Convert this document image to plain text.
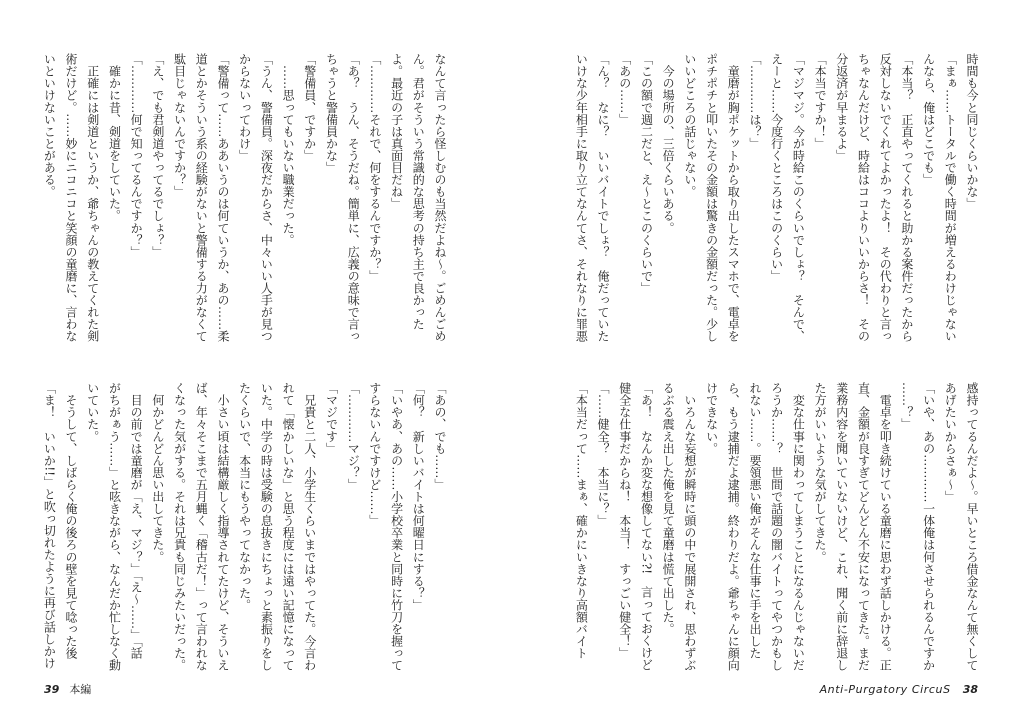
なんて言ったら怪しむのも当然だよね〜。ごめんごめ
ん。君がそういう常識的な思考の持ち主で良かった
よ。最近の子は真面目だね」
「…………それで、何をするんですか？」
「あ？　うん、そうだね。簡単に、広義の意味で言っ
ちゃうと警備員かな」
「警備員、ですか」
　……思ってもいない職業だった。
「うん、警備員。深夜だからさ、中々いい人手が見つ
からないってわけ」
「警備って……ああいうのは何ていうか、あの……柔
道とかそういう系の経験がないと警備する力がなくて
駄目じゃないんですか？」
「え、でも君剣道やってるでしょ？」
「…………何で知ってるんですか？」
　確かに昔、剣道をしていた。
　正確には剣道というか、爺ちゃんの教えてくれた剣
術だけど。……妙にニコニコと笑顔の童磨に、言わな
いといけないことがある。
「あの、でも……」
「何？　新しいバイトは何曜日にする？」
「いやあ、あの……小学校卒業と同時に竹刀を握って
すらないんですけど……」
「…………マジ？」
「マジです」
　兄貴と二人、小学生くらいまではやってた。今言わ
れて「懐かしいな」と思う程度には遠い記憶になって
いた。中学の時は受験の息抜きにちょっと素振りをし
たくらいで、本当にもうやってなかった。
　小さい頃は結構厳しく指導されてたけど、そういえ
ば、年々そこまで五月蝿く「稽古だ！」って言われな
くなった気がする。それは兄貴も同じみたいだった。
　何かどんどん思い出してきた。
　目の前では童磨が「え、マジ？」「え〜……」「話
がちがぁう……」と呟きながら、なんだか忙しなく動
いていた。
　そうして、しばらく俺の後ろの壁を見て唸った後
「ま！　いいか!!」と吹っ切れたように再び話しかけ
39 本編
時間も今と同じくらいかな」
「まぁ……トータルで働く時間が増えるわけじゃない
んなら、俺はどこでも」
「本当？　正直やってくれると助かる案件だったから
反対しないでくれてよかったよ！　その代わりと言っ
ちゃなんだけど、時給はココよりいいからさ！　その
分返済が早まるよ」
「本当ですか！」
「マジマジ。今が時給このくらいでしょ？　そんで、
えーと……今度行くところはこのくらい」
「…………は？」
　童磨が胸ポケットから取り出したスマホで、電卓を
ポチポチと叩いたその金額は驚きの金額だった。少し
いいどころの話じゃない。
　今の場所の、三倍くらいある。
「この額で週二だと、え〜とこのくらいで」
「あの……」
「ん？　なに？　いいバイトでしょ？　俺だっていた
いけな少年相手に取り立てなんてさ、それなりに罪悪
感持ってるんだよ〜。早いところ借金なんて無くして
あげたいからさぁ〜」
「いや、あの…………一体俺は何させられるんですか
……？」
　電卓を叩き続けている童磨に思わず話しかける。正
直、金額が良すぎてどんどん不安になってきた。まだ
業務内容を聞いていないけど、これ、聞く前に辞退し
た方がいいような気がしてきた。
　変な仕事に関わってしまうことになるんじゃないだ
ろうか……？　世間で話題の闇バイトってやつかもし
れない……。要領悪い俺がそんな仕事に手を出した
ら、もう逮捕だよ逮捕。終わりだよ。爺ちゃんに顔向
けできない。
　いろんな妄想が瞬時に頭の中で展開され、思わずぶ
るぶる震え出した俺を見て童磨は慌て出した。
「あ！　なんか変な想像してない?!　言っておくけど
健全な仕事だからね！　本当！　すっごい健全！」
「……健全？　本当に？」
「本当だって……まぁ、確かにいきなり高額バイト
Anti-Purgatory CircuS 38
